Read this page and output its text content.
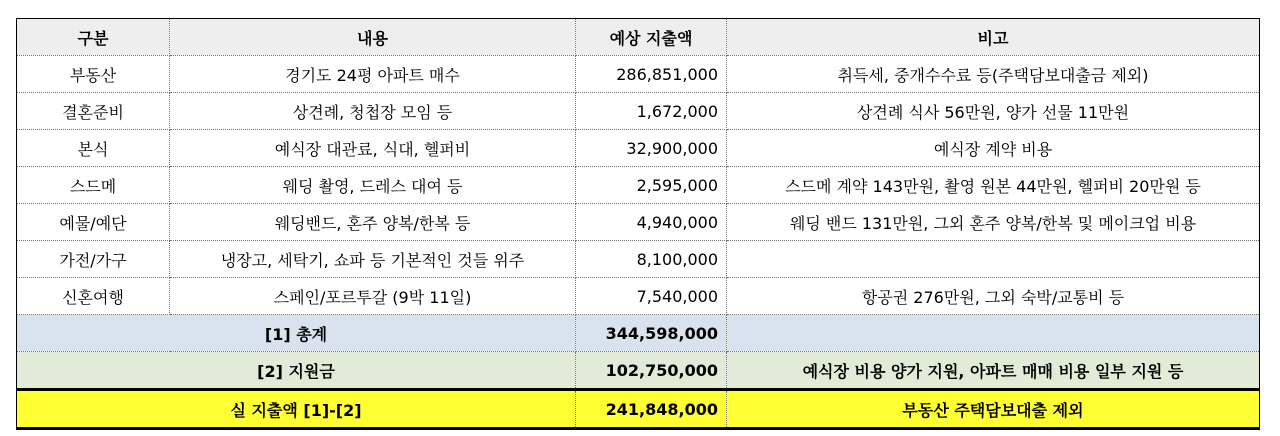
구분	내용	예상 지출액	비고
부동산	경기도 24평 아파트 매수	286,851,000	취득세, 중개수수료 등(주택담보대출금 제외)
결혼준비	상견례, 청첩장 모임 등	1,672,000	상견례 식사 56만원, 양가 선물 11만원
본식	예식장 대관료, 식대, 헬퍼비	32,900,000	예식장 계약 비용
스드메	웨딩 촬영, 드레스 대여 등	2,595,000	스드메 계약 143만원, 촬영 원본 44만원, 헬퍼비 20만원 등
예물/예단	웨딩밴드, 혼주 양복/한복 등	4,940,000	웨딩 밴드 131만원, 그외 혼주 양복/한복 및 메이크업 비용
가전/가구	냉장고, 세탁기, 쇼파 등 기본적인 것들 위주	8,100,000	
신혼여행	스페인/포르투갈 (9박 11일)	7,540,000	항공권 276만원, 그외 숙박/교통비 등
[1] 총계		344,598,000	
[2] 지원금		102,750,000	예식장 비용 양가 지원, 아파트 매매 비용 일부 지원 등
실 지출액 [1]-[2]		241,848,000	부동산 주택담보대출 제외
